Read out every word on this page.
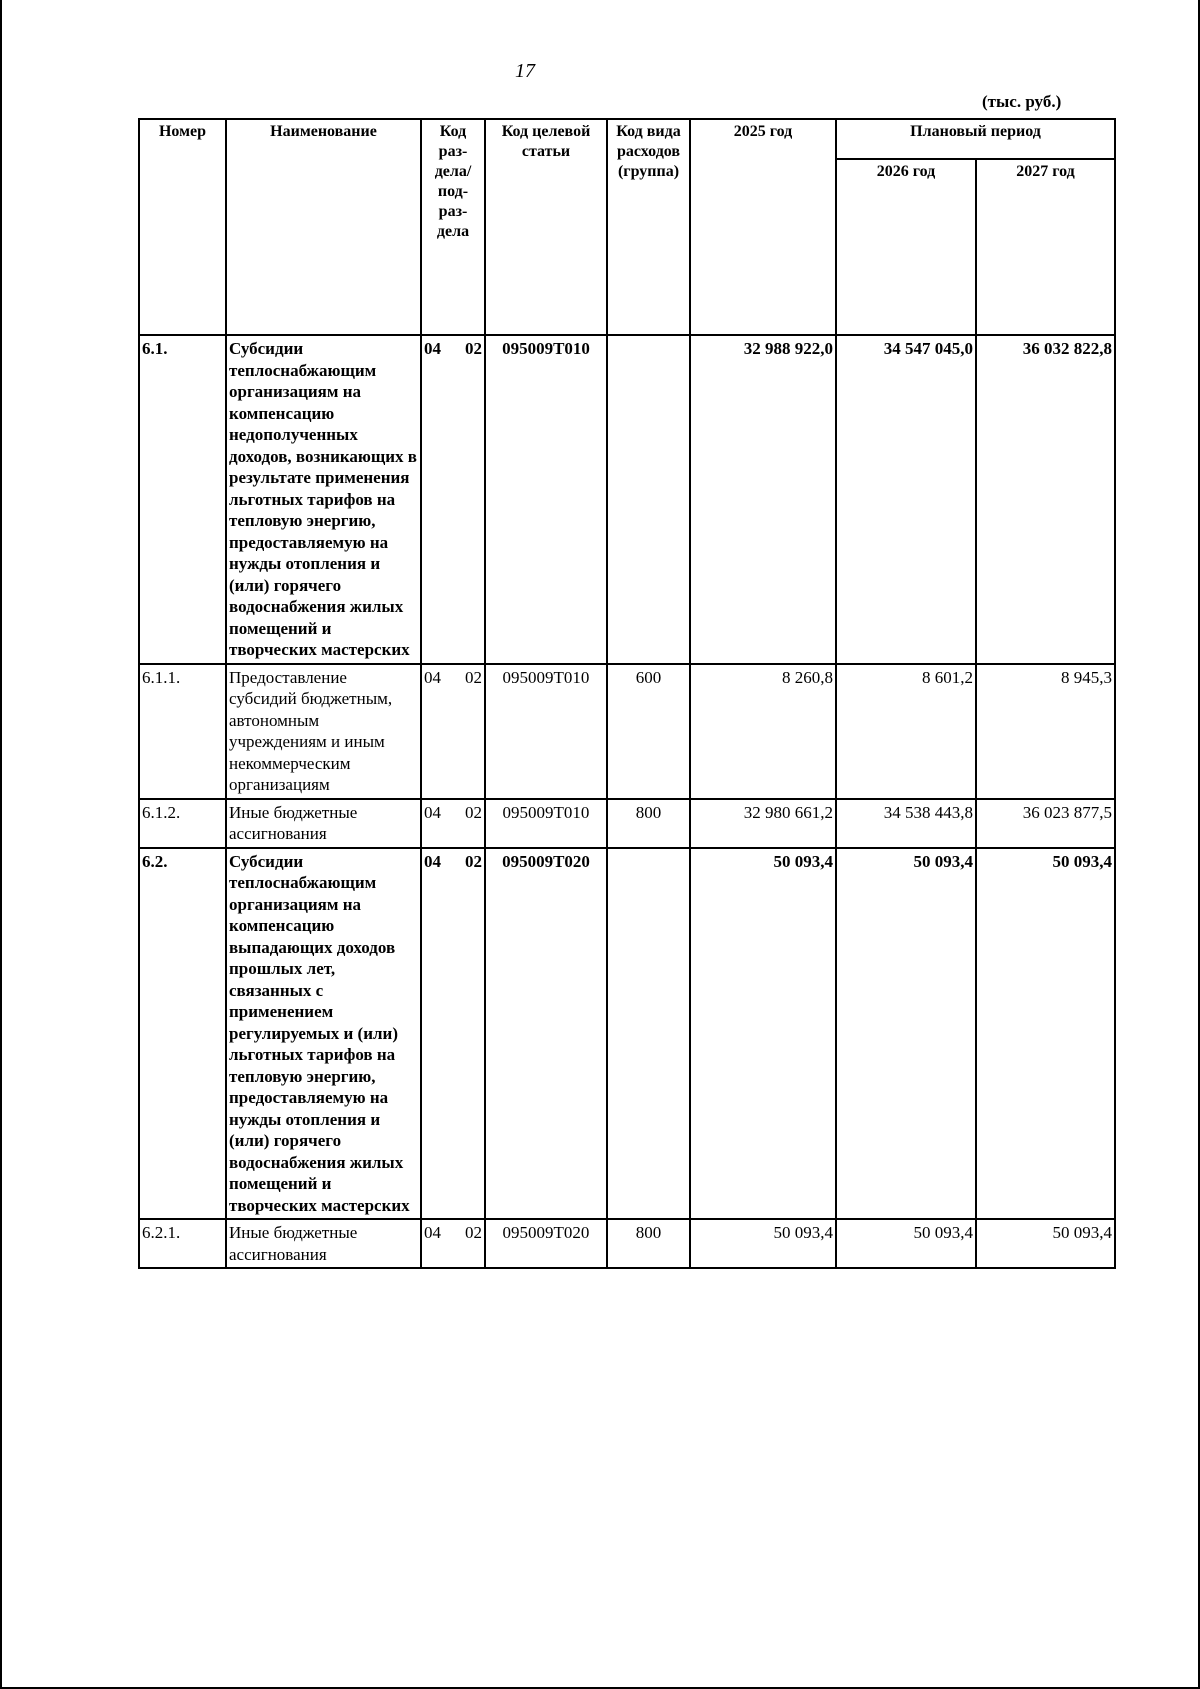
17
(тыс. руб.)
Номер	Наименование	Код раз- дела/ под- раз- дела	Код целевой статьи	Код вида расходов (группа)	2025 год	Плановый период	
						2026 год	2027 год
6.1.	Субсидии теплоснабжающим организациям на компенсацию недополученных доходов, возникающих в результате применения льготных тарифов на тепловую энергию, предоставляемую на нужды отопления и (или) горячего водоснабжения жилых помещений и творческих мастерских	04 02	095009Т010		32 988 922,0	34 547 045,0	36 032 822,8
6.1.1.	Предоставление субсидий бюджетным, автономным учреждениям и иным некоммерческим организациям	04 02	095009Т010	600	8 260,8	8 601,2	8 945,3
6.1.2.	Иные бюджетные ассигнования	04 02	095009Т010	800	32 980 661,2	34 538 443,8	36 023 877,5
6.2.	Субсидии теплоснабжающим организациям на компенсацию выпадающих доходов прошлых лет, связанных с применением регулируемых и (или) льготных тарифов на тепловую энергию, предоставляемую на нужды отопления и (или) горячего водоснабжения жилых помещений и творческих мастерских	04 02	095009Т020		50 093,4	50 093,4	50 093,4
6.2.1.	Иные бюджетные ассигнования	04 02	095009Т020	800	50 093,4	50 093,4	50 093,4
